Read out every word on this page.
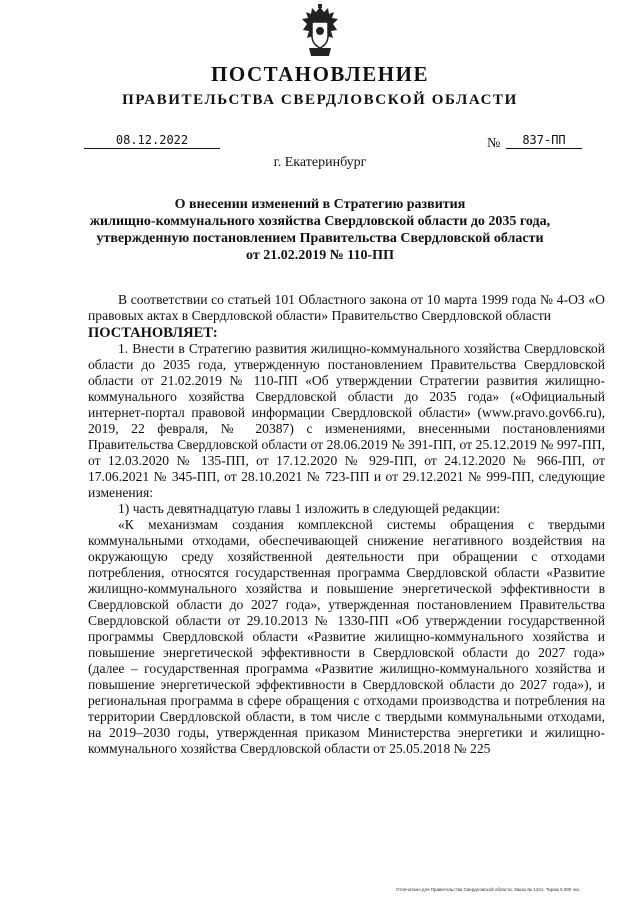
ПОСТАНОВЛЕНИЕ
ПРАВИТЕЛЬСТВА СВЕРДЛОВСКОЙ ОБЛАСТИ
08.12.2022	№	837-ПП
г. Екатеринбург
О внесении изменений в Стратегию развития
жилищно-коммунального хозяйства Свердловской области до 2035 года,
утвержденную постановлением Правительства Свердловской области
от 21.02.2019 № 110-ПП

В соответствии со статьей 101 Областного закона от 10 марта 1999 года № 4-ОЗ «О правовых актах в Свердловской области» Правительство Свердловской области

ПОСТАНОВЛЯЕТ:

1. Внести в Стратегию развития жилищно-коммунального хозяйства Свердловской области до 2035 года, утвержденную постановлением Правительства Свердловской области от 21.02.2019 № 110-ПП «Об утверждении Стратегии развития жилищно-коммунального хозяйства Свердловской области до 2035 года» («Официальный интернет-портал правовой информации Свердловской области» (www.pravo.gov66.ru), 2019, 22 февраля, № 20387) с изменениями, внесенными постановлениями Правительства Свердловской области от 28.06.2019 № 391-ПП, от 25.12.2019 № 997-ПП, от 12.03.2020 № 135-ПП, от 17.12.2020 № 929-ПП, от 24.12.2020 № 966-ПП, от 17.06.2021 № 345-ПП, от 28.10.2021 № 723-ПП и от 29.12.2021 № 999-ПП, следующие изменения:

1) часть девятнадцатую главы 1 изложить в следующей редакции:

«К механизмам создания комплексной системы обращения с твердыми коммунальными отходами, обеспечивающей снижение негативного воздействия на окружающую среду хозяйственной деятельности при обращении с отходами потребления, относятся государственная программа Свердловской области «Развитие жилищно-коммунального хозяйства и повышение энергетической эффективности в Свердловской области до 2027 года», утвержденная постановлением Правительства Свердловской области от 29.10.2013 № 1330-ПП «Об утверждении государственной программы Свердловской области «Развитие жилищно-коммунального хозяйства и повышение энергетической эффективности в Свердловской области до 2027 года» (далее – государственная программа «Развитие жилищно-коммунального хозяйства и повышение энергетической эффективности в Свердловской области до 2027 года»), и региональная программа в сфере обращения с отходами производства и потребления на территории Свердловской области, в том числе с твердыми коммунальными отходами, на 2019–2030 годы, утвержденная приказом Министерства энергетики и жилищно-коммунального хозяйства Свердловской области от 25.05.2018 № 225

Отпечатано для Правительства Свердловской области. Заказ № 1421. Тираж 5 000 экз.
